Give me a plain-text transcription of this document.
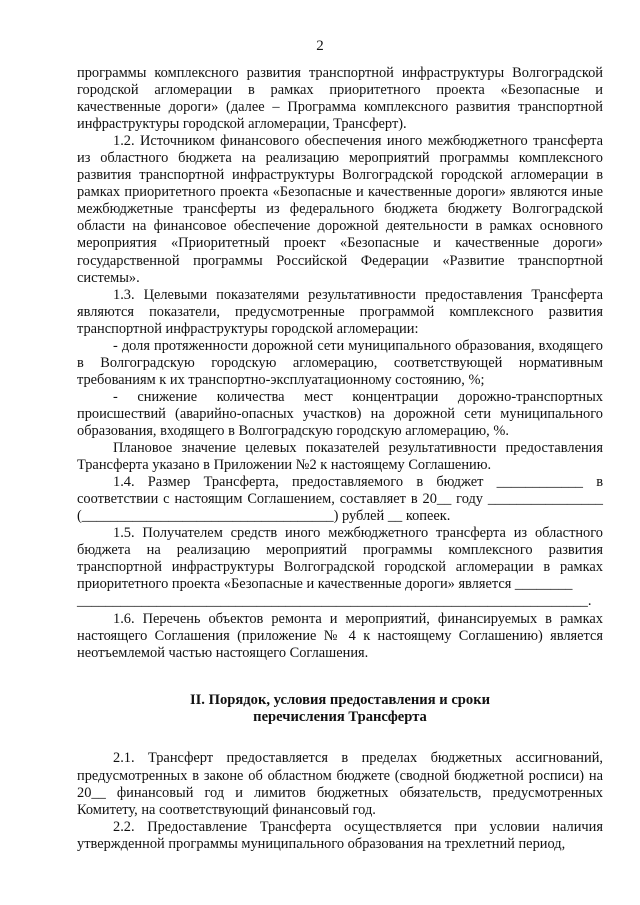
2

программы комплексного развития транспортной инфраструктуры Волгоградской городской агломерации в рамках приоритетного проекта «Безопасные и качественные дороги» (далее – Программа комплексного развития транспортной инфраструктуры городской агломерации, Трансферт).

1.2. Источником финансового обеспечения иного межбюджетного трансферта из областного бюджета на реализацию мероприятий программы комплексного развития транспортной инфраструктуры Волгоградской городской агломерации в рамках приоритетного проекта «Безопасные и качественные дороги» являются иные межбюджетные трансферты из федерального бюджета бюджету Волгоградской области на финансовое обеспечение дорожной деятельности в рамках основного мероприятия «Приоритетный проект «Безопасные и качественные дороги» государственной программы Российской Федерации «Развитие транспортной системы».

1.3. Целевыми показателями результативности предоставления Трансферта являются показатели, предусмотренные программой комплексного развития транспортной инфраструктуры городской агломерации:

- доля протяженности дорожной сети муниципального образования, входящего в Волгоградскую городскую агломерацию, соответствующей нормативным требованиям к их транспортно-эксплуатационному состоянию, %;

- снижение количества мест концентрации дорожно-транспортных происшествий (аварийно-опасных участков) на дорожной сети муниципального образования, входящего в Волгоградскую городскую агломерацию, %.

Плановое значение целевых показателей результативности предоставления Трансферта указано в Приложении №2 к настоящему Соглашению.

1.4. Размер Трансферта, предоставляемого в бюджет ____________ в соответствии с настоящим Соглашением, составляет в 20__ году ________________ (___________________________________) рублей __ копеек.

1.5. Получателем средств иного межбюджетного трансферта из областного бюджета на реализацию мероприятий программы комплексного развития транспортной инфраструктуры Волгоградской городской агломерации в рамках приоритетного проекта «Безопасные и качественные дороги» является ________

_______________________________________________________________________.

1.6. Перечень объектов ремонта и мероприятий, финансируемых в рамках настоящего Соглашения (приложение № 4 к настоящему Соглашению) является неотъемлемой частью настоящего Соглашения.

II. Порядок, условия предоставления и сроки
перечисления Трансферта

2.1. Трансферт предоставляется в пределах бюджетных ассигнований, предусмотренных в законе об областном бюджете (сводной бюджетной росписи) на 20__ финансовый год и лимитов бюджетных обязательств, предусмотренных Комитету, на соответствующий финансовый год.

2.2. Предоставление Трансферта осуществляется при условии наличия утвержденной программы муниципального образования на трехлетний период,
